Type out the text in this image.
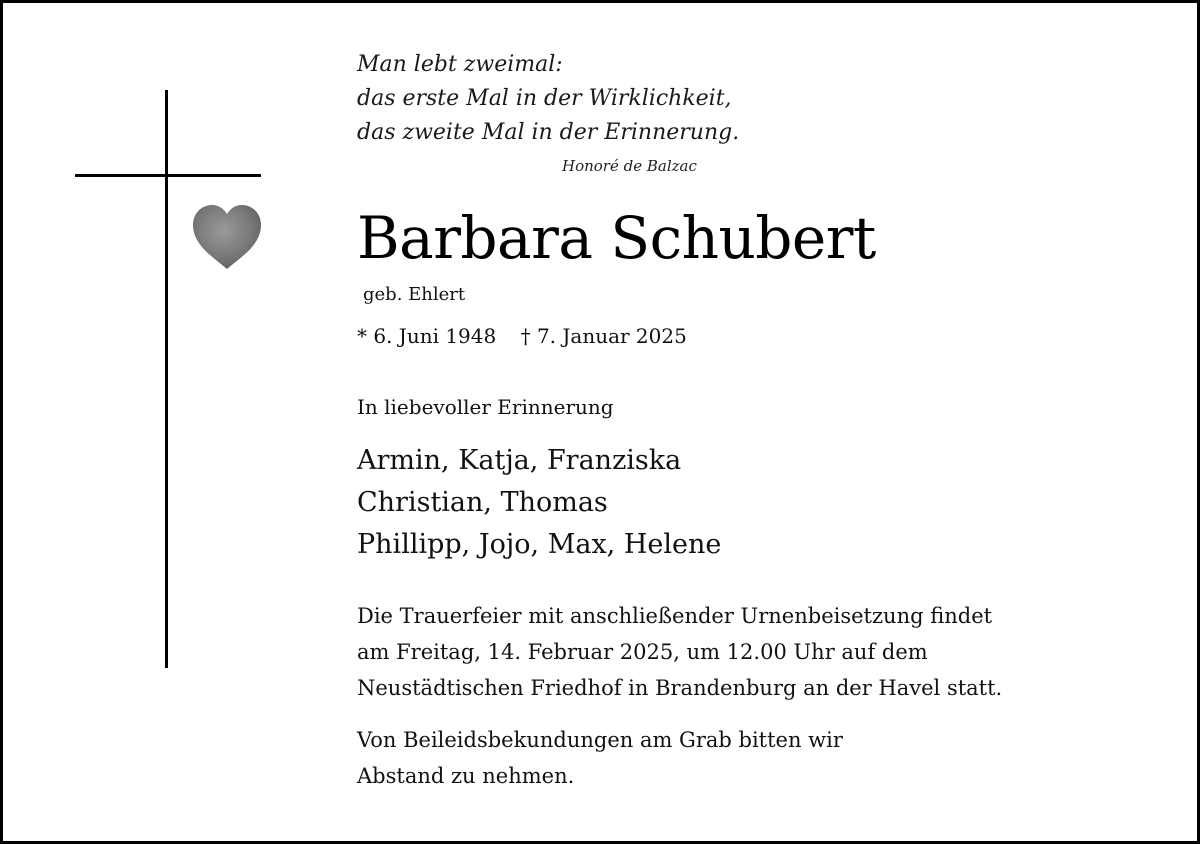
Man lebt zweimal:
das erste Mal in der Wirklichkeit,
das zweite Mal in der Erinnerung.
Honoré de Balzac
Barbara Schubert
geb. Ehlert
* 6. Juni 1948 † 7. Januar 2025
In liebevoller Erinnerung
Armin, Katja, Franziska
Christian, Thomas
Phillipp, Jojo, Max, Helene
Die Trauerfeier mit anschließender Urnenbeisetzung findet
am Freitag, 14. Februar 2025, um 12.00 Uhr auf dem
Neustädtischen Friedhof in Brandenburg an der Havel statt.
Von Beileidsbekundungen am Grab bitten wir
Abstand zu nehmen.
